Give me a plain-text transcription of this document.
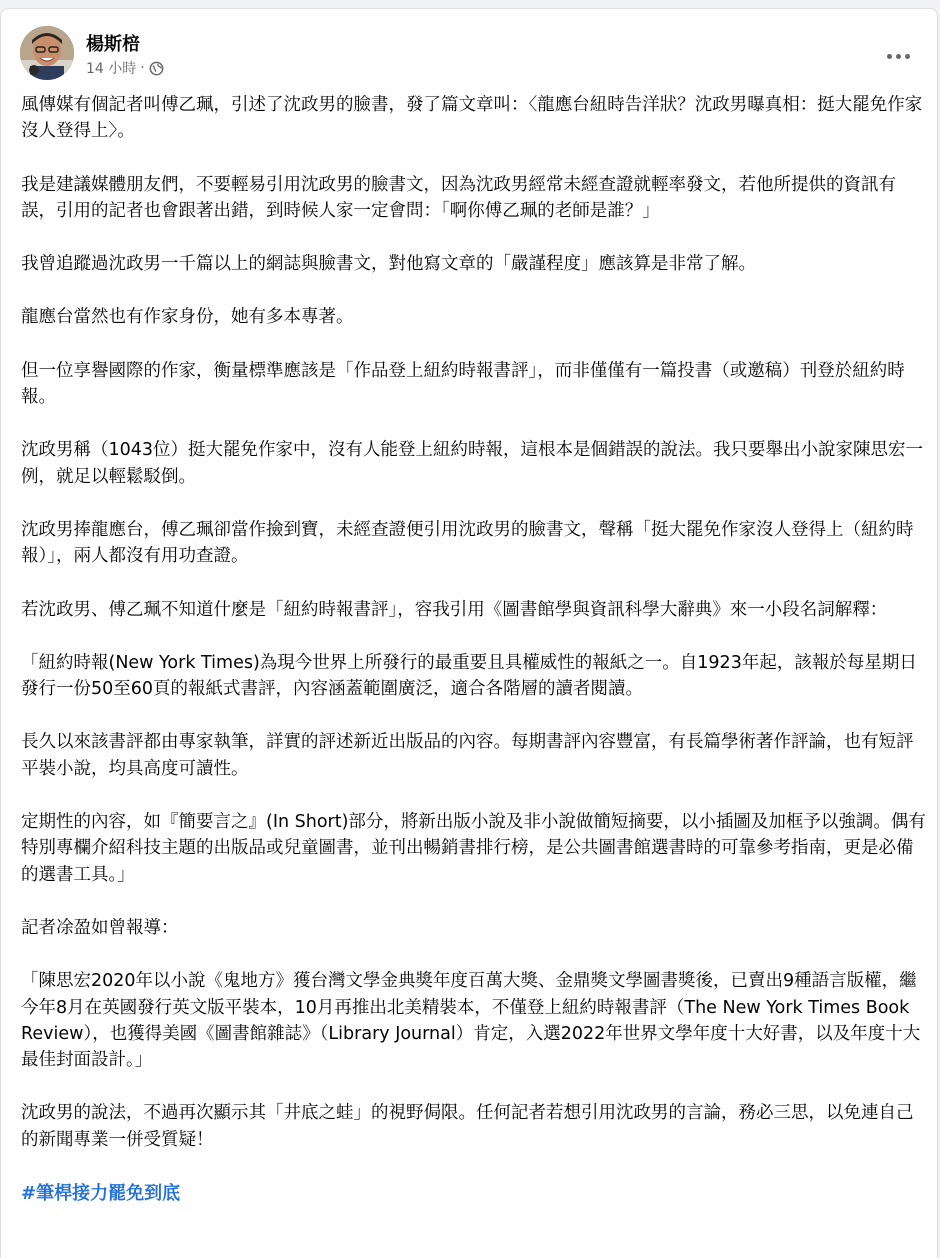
楊斯棓
14 小時 ·

風傳媒有個記者叫傅乙珮，引述了沈政男的臉書，發了篇文章叫：〈龍應台紐時告洋狀？沈政男曝真相：挺大罷免作家沒人登得上〉。

我是建議媒體朋友們，不要輕易引用沈政男的臉書文，因為沈政男經常未經查證就輕率發文，若他所提供的資訊有誤，引用的記者也會跟著出錯，到時候人家一定會問：「啊你傅乙珮的老師是誰？」

我曾追蹤過沈政男一千篇以上的網誌與臉書文，對他寫文章的「嚴謹程度」應該算是非常了解。

龍應台當然也有作家身份，她有多本專著。

但一位享譽國際的作家，衡量標準應該是「作品登上紐約時報書評」，而非僅僅有一篇投書（或邀稿）刊登於紐約時報。

沈政男稱（1043位）挺大罷免作家中，沒有人能登上紐約時報，這根本是個錯誤的說法。我只要舉出小說家陳思宏一例，就足以輕鬆駁倒。

沈政男捧龍應台，傅乙珮卻當作撿到寶，未經查證便引用沈政男的臉書文，聲稱「挺大罷免作家沒人登得上（紐約時報）」，兩人都沒有用功查證。

若沈政男、傅乙珮不知道什麼是「紐約時報書評」，容我引用《圖書館學與資訊科學大辭典》來一小段名詞解釋：

「紐約時報(New York Times)為現今世界上所發行的最重要且具權威性的報紙之一。自1923年起，該報於每星期日發行一份50至60頁的報紙式書評，內容涵蓋範圍廣泛，適合各階層的讀者閱讀。

長久以來該書評都由專家執筆，詳實的評述新近出版品的內容。每期書評內容豐富，有長篇學術著作評論，也有短評平裝小說，均具高度可讀性。

定期性的內容，如『簡要言之』(In Short)部分，將新出版小說及非小說做簡短摘要，以小插圖及加框予以強調。偶有特別專欄介紹科技主題的出版品或兒童圖書，並刊出暢銷書排行榜，是公共圖書館選書時的可靠參考指南，更是必備的選書工具。」

記者凃盈如曾報導：

「陳思宏2020年以小說《鬼地方》獲台灣文學金典獎年度百萬大獎、金鼎獎文學圖書獎後，已賣出9種語言版權，繼今年8月在英國發行英文版平裝本，10月再推出北美精裝本，不僅登上紐約時報書評（The New York Times Book Review），也獲得美國《圖書館雜誌》（Library Journal）肯定，入選2022年世界文學年度十大好書，以及年度十大最佳封面設計。」

沈政男的說法，不過再次顯示其「井底之蛙」的視野侷限。任何記者若想引用沈政男的言論，務必三思，以免連自己的新聞專業一併受質疑！

#筆桿接力罷免到底
